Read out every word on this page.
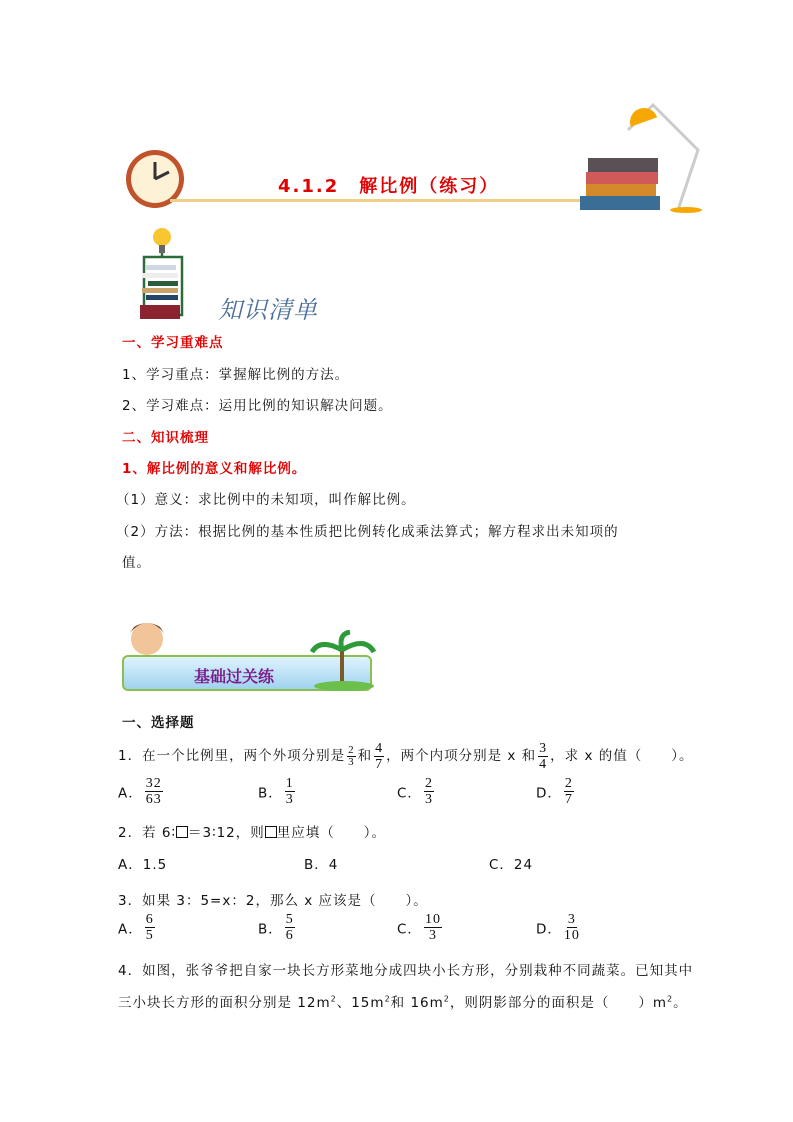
4.1.2　解比例（练习）
知识清单
一、学习重难点
1、学习重点：掌握解比例的方法。
2、学习难点：运用比例的知识解决问题。
二、知识梳理
1、解比例的意义和解比例。
（1）意义：求比例中的未知项，叫作解比例。
（2）方法：根据比例的基本性质把比例转化成乘法算式；解方程求出未知项的
值。
基础过关练
一、选择题
1．在一个比例里，两个外项分别是 $\frac{2}{3}$ 和 $\frac{4}{7}$ ，两个内项分别是 x 和 $\frac{3}{4}$ ，求 x 的值（　　）。
2．若 6∶ ＝3∶12，则 里应填（　　）。
A．1.5	B．4	C．24
3．如果 3：5=x：2，那么 x 应该是（　　）。
4．如图，张爷爷把自家一块长方形菜地分成四块小长方形，分别栽种不同蔬菜。已知其中
三小块长方形的面积分别是 $12m^2$、$15m^2$和 $16m^2$，则阴影部分的面积是（　　）$m^2$。
A． $\frac{32}{63}$	B． $\frac{1}{3}$	C． $\frac{2}{3}$	D． $\frac{2}{7}$
A． $\frac{6}{5}$	B． $\frac{5}{6}$	C． $\frac{10}{3}$	D． $\frac{3}{10}$
